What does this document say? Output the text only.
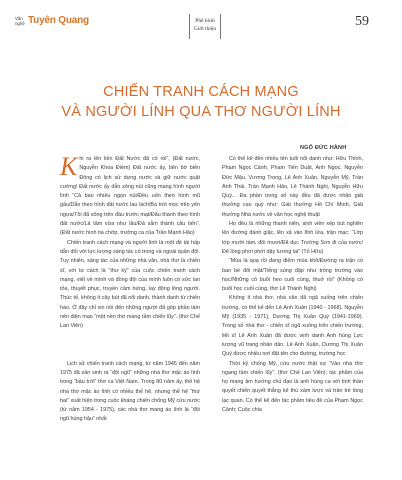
Văn nghệ Tuyên Quang	Phê bình
Giới thiệu	59
CHIẾN TRANH CÁCH MẠNG
VÀ NGƯỜI LÍNH QUA THƠ NGƯỜI LÍNH
NGÔ ĐỨC HÀNH

Khi ra lên liền Đất Nước đã có rồi”, (Đất nước, Nguyễn Khoa Điềm) Đất nước ấy, bên bờ biển Đông có lịch sử dựng nước và giữ nước quật cường! Đất nước ấy dẫn sông núi cũng mang hình người lính “Cả bao nhiêu ngọn núi/Đều uốn theo hình mũ gấu/Dẫn theo hình đất nước lau lách/Ba trời mọc trên yên ngựa/Tôi đã sống trên đầu trước mạt/Đâu thành theo hình đất nước/Là tâm vừa như lâu/Đá sẫm thành câu tiến”. (Đất nước hình tia chớp, trường ca của Trần Mạnh Hảo)

Chiến tranh cách mạng và người lính là một đề tài hấp dẫn đối với lực lượng sáng tác có trong và ngoài quân đội. Tuy nhiên, sáng tác của những nhà văn, nhà thơ là chiến sĩ, với tư cách là “thư ký” của cuộc chiến tranh cách mạng, viết về mình và đồng đội của mình luôn có sức lan tỏa, thuyết phục, truyền cảm hứng, lay động lòng người. Thúc tế, không ít cây bút đã nổi danh, thành danh từ chiến hào. Ở đây chỉ xin nói đến những người đã góp phần làm nên diện mạo “một nền thơ mang tầm chiến lũy”. (thơ Chế Lan Viên)

Lịch sử chiến tranh cách mạng, từ năm 1945 đến năm 1975 đã sản sinh ra “đội ngũ” những nhà thơ mặc áo lính trong “bầu trời” thơ ca Việt Nam. Trong 80 năm ấy, thế hệ nhà thơ mặc áo lính có nhiều thế hệ, nhưng thế hệ “thứ hai” xuất hiện trong cuộc kháng chiến chống Mỹ cứu nước (từ năm 1954 - 1975), các nhà thơ mang áo lính là “đội ngũ hùng hậu” nhất

Có thể kể đến nhiều tên tuổi nổi danh như: Hữu Thỉnh, Phạm Ngọc Cảnh, Phạm Tiến Duật, Anh Ngọc, Nguyễn Đức Mậu, Vương Trọng, Lê Anh Xuân, Nguyễn Mỹ, Trần Anh Thái, Trần Mạnh Hảo, Lê Thành Nghị, Nguyễn Hữu Quý... Đa phần trong số này đều đã được nhận giải thưởng cao quý như: Giải thưởng Hồ Chí Minh, Giải thưởng Nhà nước về văn học nghệ thuật

Họ đều là những thanh niên, sinh viên xếp bút nghiên lên đường đánh giặc, lên xã vào lĩnh lửa, trận mạc: “Lớp lớp mười tám, đôi mươi/Đã dục Trường Sơn đi của nước/Để lòng phơi phới dậy tương lai” (Tố Hữu)

“Mùa lá quạ rồi đang điểm mùa khô/Đường ra trận có ban bè đổi mặt/Tiếng súng đập như trống trường vào học/Những cô buổi heo cuối cùng, thuở rồi” (Không có buổi học cuối cùng, thơ Lê Thành Nghị)

Không ít nhà thơ, nhà văn đã ngã xuống trên chiến trường, có thể kể đến Lê Anh Xuân (1940 - 1968), Nguyễn Mỹ (1935 - 1971), Dương Thị Xuân Quý (1941-1969). Trong số nhà thơ - chiến sĩ ngã xuống trên chiến trường, liệt sĩ Lê Anh Xuân đã được vinh danh Anh hùng Lực lượng vũ trang nhân dân. Lê Anh Xuân, Dương Thị Xuân Quý được nhiều nơi đặt tên cho đường, trường học

Thời kỳ chống Mỹ, cứu nước thật sự “Vào nhà thơ ngang tầm chiến lũy”. (thơ Chế Lan Viên); tác phẩm của họ mang âm hưởng chủ đạo là anh hùng ca với tinh thần quyết chiến quyết thắng kẻ thù xâm lược và tràn trề lòng lạc quan. Có thể kể đến tác phẩm tiêu đề của Phạm Ngọc Cảnh; Cuộc chia
